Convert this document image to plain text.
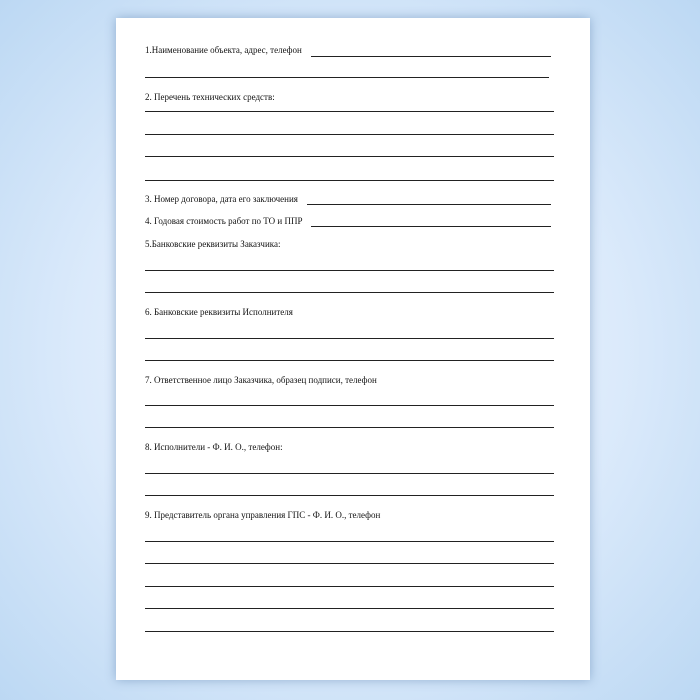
1.Наименование объекта, адрес, телефон
2. Перечень технических средств:
3. Номер договора, дата его заключения
4. Годовая стоимость работ по ТО и ППР
5.Банковские реквизиты Заказчика:
6. Банковские реквизиты Исполнителя
7. Ответственное лицо Заказчика, образец подписи, телефон
8. Исполнители - Ф. И. О., телефон:
9. Представитель органа управления ГПС - Ф. И. О., телефон
